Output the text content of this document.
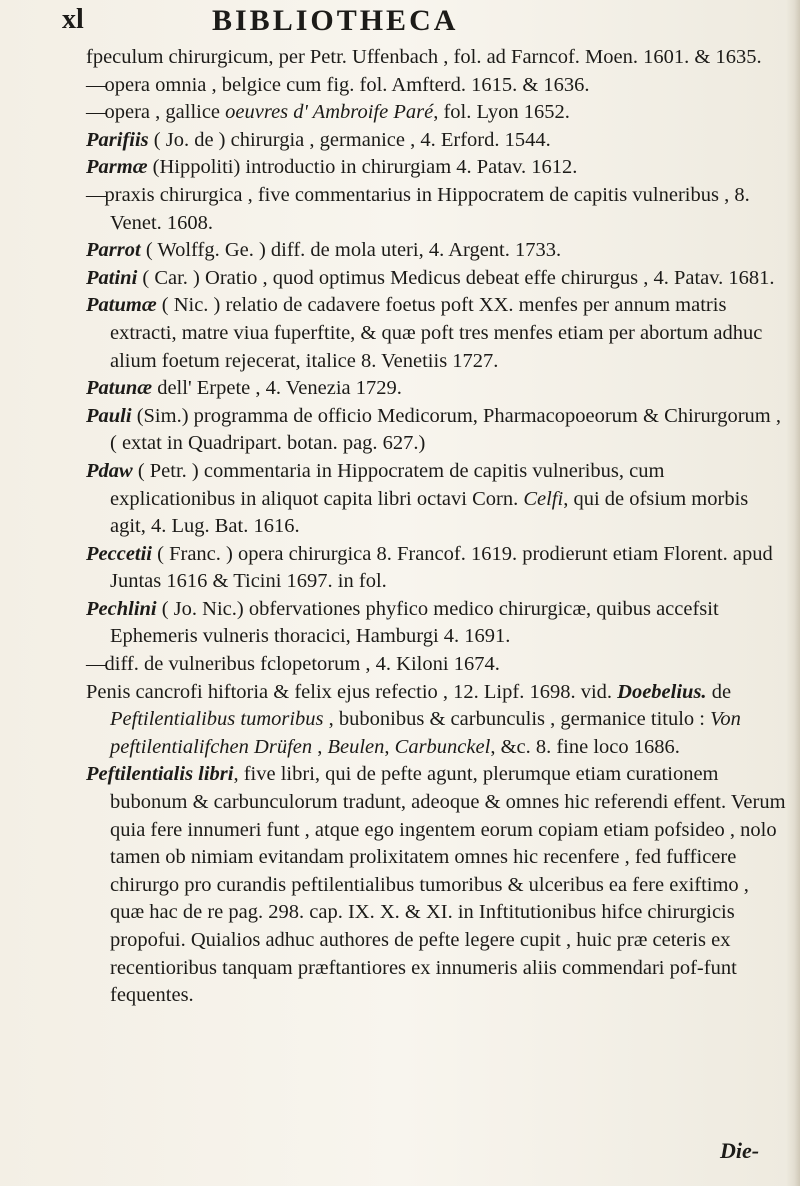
xl	BIBLIOTHECA
fpeculum chirurgicum, per Petr. Uffenbach , fol. ad Farncof. Moen. 1601. & 1635.
—opera omnia , belgice cum fig. fol. Amfterd. 1615. & 1636.
—opera , gallice oeuvres d' Ambroife Paré, fol. Lyon 1652.
Parifiis ( Jo. de ) chirurgia , germanice , 4. Erford. 1544.
Parmæ (Hippoliti) introductio in chirurgiam 4. Patav. 1612.
—praxis chirurgica , five commentarius in Hippocratem de capitis vulneribus , 8. Venet. 1608.
Parrot ( Wolffg. Ge. ) diff. de mola uteri, 4. Argent. 1733.
Patini ( Car. ) Oratio , quod optimus Medicus debeat effe chirurgus , 4. Patav. 1681.
Patumæ ( Nic. ) relatio de cadavere foetus poft XX. menfes per annum matris extracti, matre viua fuperftite, & quæ poft tres menfes etiam per abortum adhuc alium foetum rejecerat, italice 8. Venetiis 1727.
Patunæ dell' Erpete , 4. Venezia 1729.
Pauli (Sim.) programma de officio Medicorum, Pharmacopoeorum & Chirurgorum , ( extat in Quadripart. botan. pag. 627.)
Pdaw ( Petr. ) commentaria in Hippocratem de capitis vulneribus, cum explicationibus in aliquot capita libri octavi Corn. Celfi, qui de ofsium morbis agit, 4. Lug. Bat. 1616.
Peccetii ( Franc. ) opera chirurgica 8. Francof. 1619. prodierunt etiam Florent. apud Juntas 1616 & Ticini 1697. in fol.
Pechlini ( Jo. Nic.) obfervationes phyfico medico chirurgicæ, quibus accefsit Ephemeris vulneris thoracici, Hamburgi 4. 1691.
—diff. de vulneribus fclopetorum , 4. Kiloni 1674.
Penis cancrofi hiftoria & felix ejus refectio , 12. Lipf. 1698. vid. Doebelius. de Peftilentialibus tumoribus , bubonibus & carbunculis , germanice titulo : Von peftilentialifchen Drüfen , Beulen, Carbunckel, &c. 8. fine loco 1686.
Peftilentialis libri, five libri, qui de pefte agunt, plerumque etiam curationem bubonum & carbunculorum tradunt, adeoque & omnes hic referendi effent. Verum quia fere innumeri funt , atque ego ingentem eorum copiam etiam pofsideo , nolo tamen ob nimiam evitandam prolixitatem omnes hic recenfere , fed fufficere chirurgo pro curandis peftilentialibus tumoribus & ulceribus ea fere exiftimo , quæ hac de re pag. 298. cap. IX. X. & XI. in Inftitutionibus hifce chirurgicis propofui. Quialios adhuc authores de pefte legere cupit , huic præ ceteris ex recentioribus tanquam præftantiores ex innumeris aliis commendari pof-funt fequentes.
Die-
